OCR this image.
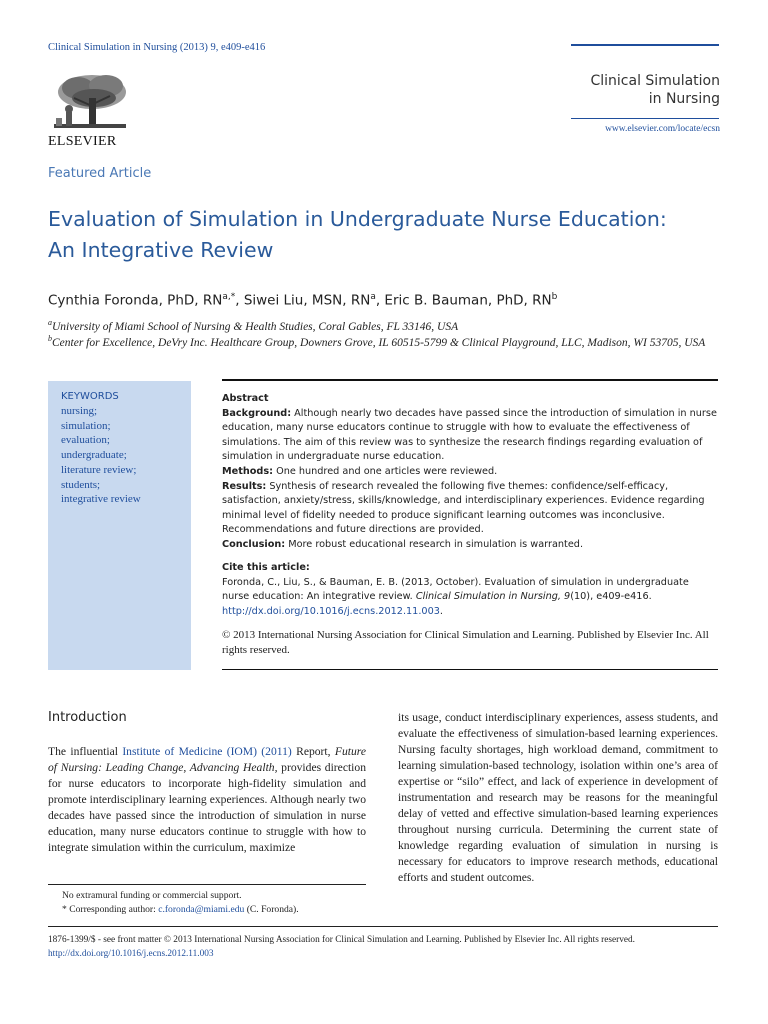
Clinical Simulation in Nursing (2013) 9, e409-e416
ELSEVIER
Clinical Simulation
in Nursing
www.elsevier.com/locate/ecsn
Featured Article
Evaluation of Simulation in Undergraduate Nurse Education: An Integrative Review
Cynthia Foronda, PhD, $RN^{a,*}$, Siwei Liu, MSN, $RN^a$, Eric B. Bauman, PhD, $RN^b$
$^a$University of Miami School of Nursing & Health Studies, Coral Gables, FL 33146, USA
$^b$Center for Excellence, DeVry Inc. Healthcare Group, Downers Grove, IL 60515-5799 & Clinical Playground, LLC, Madison, WI 53705, USA
KEYWORDS
nursing;
simulation;
evaluation;
undergraduate;
literature review;
students;
integrative review

Abstract

Background: Although nearly two decades have passed since the introduction of simulation in nurse education, many nurse educators continue to struggle with how to evaluate the effectiveness of simulations. The aim of this review was to synthesize the research findings regarding evaluation of simulation in undergraduate nurse education.

Methods: One hundred and one articles were reviewed.

Results: Synthesis of research revealed the following five themes: confidence/self-efficacy, satisfaction, anxiety/stress, skills/knowledge, and interdisciplinary experiences. Evidence regarding minimal level of fidelity needed to produce significant learning outcomes was inconclusive. Recommendations and future directions are provided.

Conclusion: More robust educational research in simulation is warranted.

Cite this article:

Foronda, C., Liu, S., & Bauman, E. B. (2013, October). Evaluation of simulation in undergraduate nurse education: An integrative review. Clinical Simulation in Nursing, 9(10), e409-e416. http://dx.doi.org/10.1016/j.ecns.2012.11.003.

© 2013 International Nursing Association for Clinical Simulation and Learning. Published by Elsevier Inc. All rights reserved.
Introduction
The influential Institute of Medicine (IOM) (2011) Report, Future of Nursing: Leading Change, Advancing Health, provides direction for nurse educators to incorporate high-fidelity simulation and promote interdisciplinary learning experiences. Although nearly two decades have passed since the introduction of simulation in nurse education, many nurse educators continue to struggle with how to integrate simulation within the curriculum, maximize
its usage, conduct interdisciplinary experiences, assess students, and evaluate the effectiveness of simulation-based learning experiences. Nursing faculty shortages, high workload demand, commitment to learning simulation-based technology, isolation within one’s area of expertise or “silo” effect, and lack of experience in development of instrumentation and research may be reasons for the meaningful delay of vetted and effective simulation-based learning experiences throughout nursing curricula. Determining the current state of knowledge regarding evaluation of simulation in nursing is necessary for educators to improve research methods, educational efforts and student outcomes.
No extramural funding or commercial support.
* Corresponding author: c.foronda@miami.edu (C. Foronda).
1876-1399/$ - see front matter © 2013 International Nursing Association for Clinical Simulation and Learning. Published by Elsevier Inc. All rights reserved.
http://dx.doi.org/10.1016/j.ecns.2012.11.003
